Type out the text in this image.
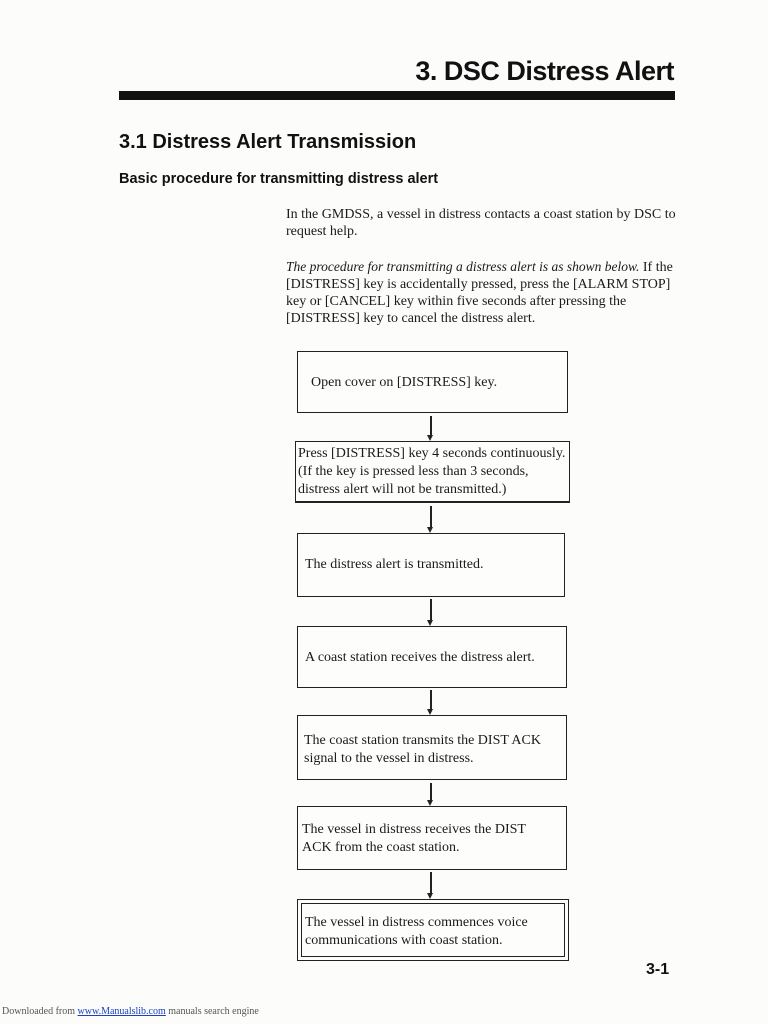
3. DSC Distress Alert
3.1 Distress Alert Transmission
Basic procedure for transmitting distress alert

In the GMDSS, a vessel in distress contacts a coast station by DSC to request help.

The procedure for transmitting a distress alert is as shown below. If the [DISTRESS] key is accidentally pressed, press the [ALARM STOP] key or [CANCEL] key within five seconds after pressing the [DISTRESS] key to cancel the distress alert.

Open cover on [DISTRESS] key.
Press [DISTRESS] key 4 seconds continuously.
(If the key is pressed less than 3 seconds,
distress alert will not be transmitted.)
The distress alert is transmitted.
A coast station receives the distress alert.
The coast station transmits the DIST ACK
signal to the vessel in distress.
The vessel in distress receives the DIST
ACK from the coast station.
The vessel in distress commences voice
communications with coast station.
3-1
Downloaded from www.Manualslib.com manuals search engine
